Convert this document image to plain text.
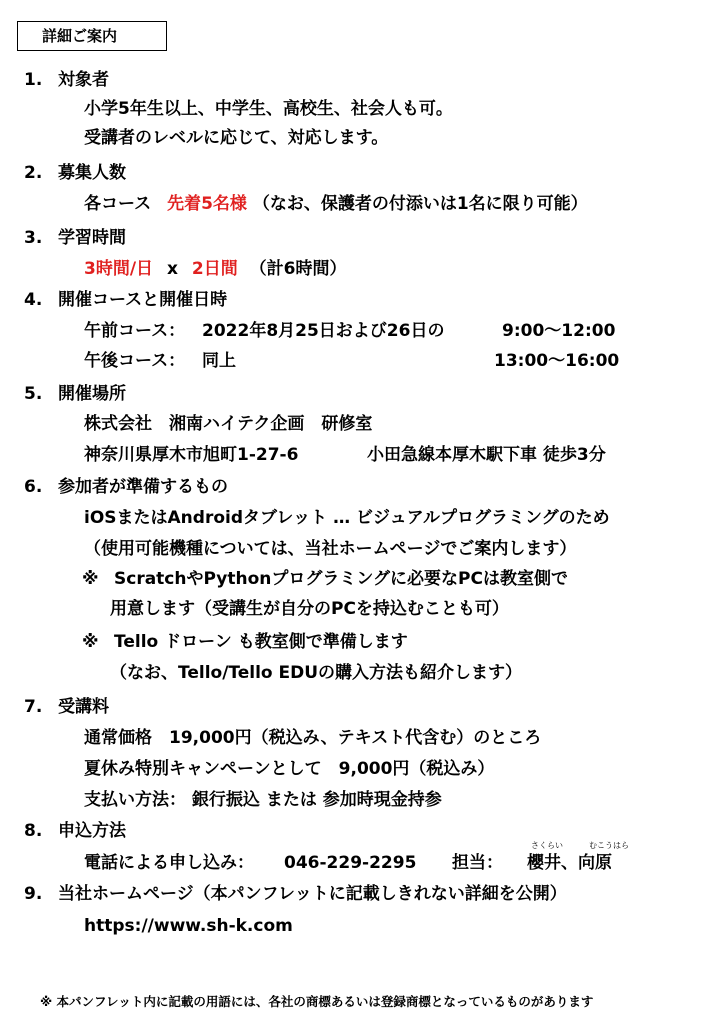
詳細ご案内
1. 対象者
小学5年生以上、中学生、高校生、社会人も可。
受講者のレベルに応じて、対応します。
2. 募集人数
各コース 先着5名様 （なお、保護者の付添いは1名に限り可能）
3. 学習時間
3時間/日 x 2日間 （計6時間）
4. 開催コースと開催日時
午前コース： 2022年8月25日および26日の	9:00〜12:00
午後コース： 同上	13:00〜16:00
5. 開催場所
株式会社　湘南ハイテク企画　研修室
神奈川県厚木市旭町1-27-6	小田急線本厚木駅下車 徒歩3分
6. 参加者が準備するもの
iOSまたはAndroidタブレット … ビジュアルプログラミングのため
（使用可能機種については、当社ホームページでご案内します）
※ ScratchやPythonプログラミングに必要なPCは教室側で
用意します（受講生が自分のPCを持込むことも可）
※ Tello ドローン も教室側で準備します
（なお、Tello/Tello EDUの購入方法も紹介します）
7. 受講料
通常価格　19,000円（税込み、テキスト代含む）のところ
夏休み特別キャンペーンとして　9,000円（税込み）
支払い方法： 銀行振込 または 参加時現金持参
8. 申込方法
さくらい	むこうはら
電話による申し込み： 046-229-2295 担当： 櫻井、向原
9. 当社ホームページ（本パンフレットに記載しきれない詳細を公開）
https://www.sh-k.com
※ 本パンフレット内に記載の用語には、各社の商標あるいは登録商標となっているものがあります
